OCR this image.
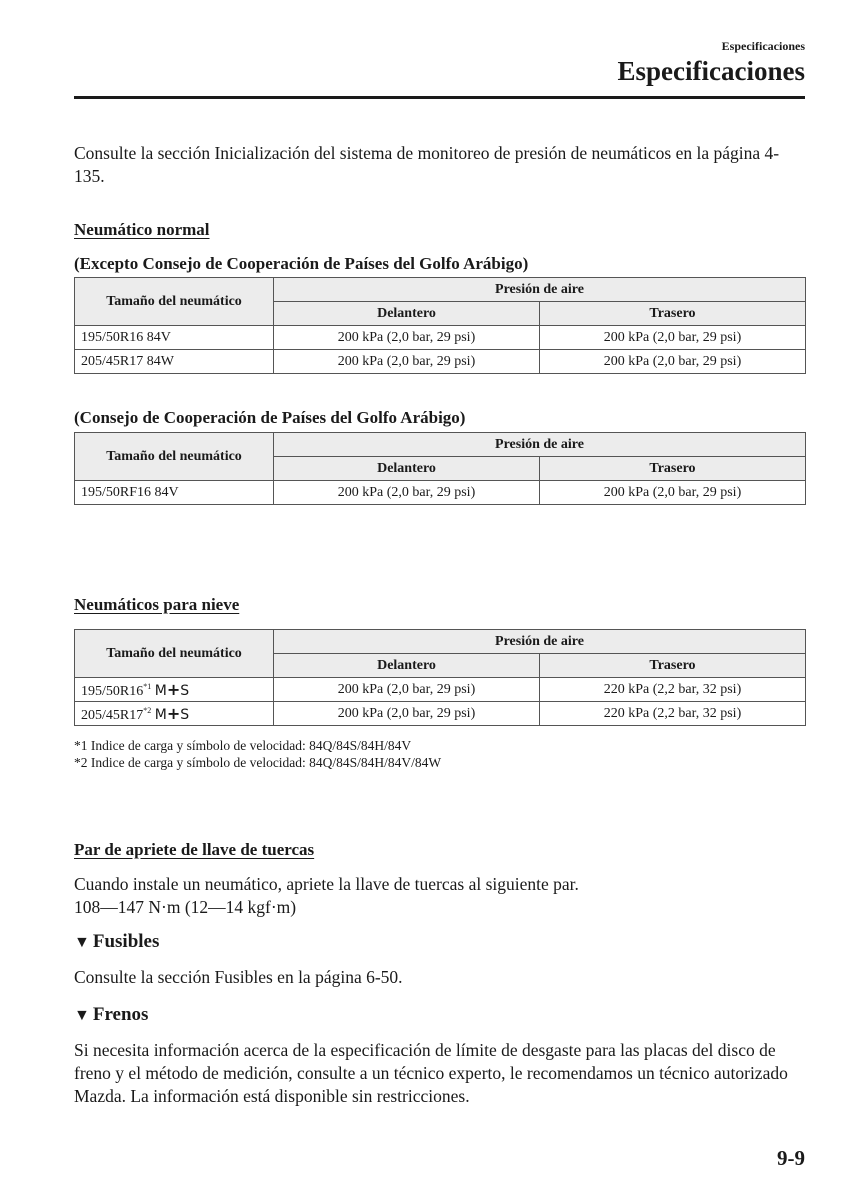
Especificaciones
Especificaciones
Consulte la sección Inicialización del sistema de monitoreo de presión de neumáticos en la página 4-135.
Neumático normal
(Excepto Consejo de Cooperación de Países del Golfo Arábigo)
Tamaño del neumático	Presión de aire	
	Delantero	Trasero
195/50R16 84V	200 kPa (2,0 bar, 29 psi)	200 kPa (2,0 bar, 29 psi)
205/45R17 84W	200 kPa (2,0 bar, 29 psi)	200 kPa (2,0 bar, 29 psi)
(Consejo de Cooperación de Países del Golfo Arábigo)
Tamaño del neumático	Presión de aire	
	Delantero	Trasero
195/50RF16 84V	200 kPa (2,0 bar, 29 psi)	200 kPa (2,0 bar, 29 psi)
Neumáticos para nieve
Tamaño del neumático	Presión de aire	
	Delantero	Trasero
195/50R16$^{*1}$ M+S	200 kPa (2,0 bar, 29 psi)	220 kPa (2,2 bar, 32 psi)
205/45R17$^{*2}$ M+S	200 kPa (2,0 bar, 29 psi)	220 kPa (2,2 bar, 32 psi)
*1 Indice de carga y símbolo de velocidad: 84Q/84S/84H/84V
*2 Indice de carga y símbolo de velocidad: 84Q/84S/84H/84V/84W
Par de apriete de llave de tuercas
Cuando instale un neumático, apriete la llave de tuercas al siguiente par.
108—147 N·m (12—14 kgf·m)
▼ Fusibles
Consulte la sección Fusibles en la página 6-50.
▼ Frenos
Si necesita información acerca de la especificación de límite de desgaste para las placas del disco de freno y el método de medición, consulte a un técnico experto, le recomendamos un técnico autorizado Mazda. La información está disponible sin restricciones.
9-9
